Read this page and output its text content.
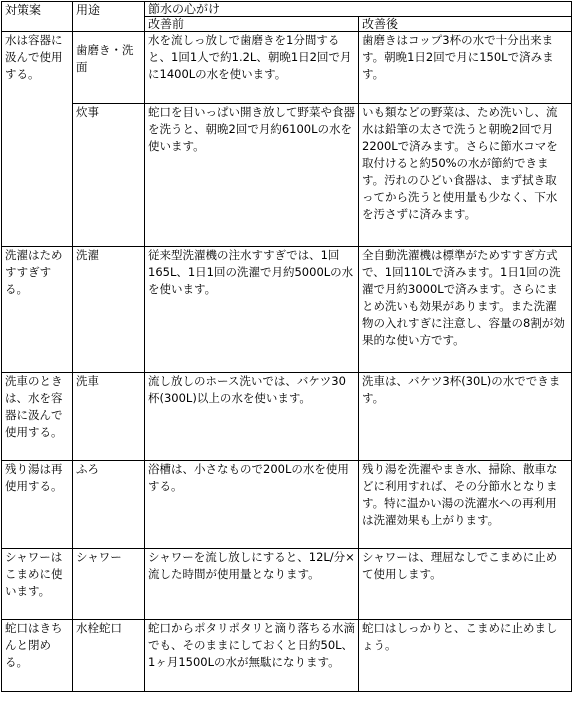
対策案	用途	節水の心がけ	
		改善前	改善後
水は容器に汲んで使用する。	歯磨き・洗面	水を流しっ放しで歯磨きを1分間すると、1回1人で約1.2L、朝晩1日2回で月に1400Lの水を使います。	歯磨きはコップ3杯の水で十分出来ます。朝晩1日2回で月に150Lで済みます。
	炊事	蛇口を目いっぱい開き放して野菜や食器を洗うと、朝晩2回で月約6100Lの水を使います。	いも類などの野菜は、ため洗いし、流水は鉛筆の太さで洗うと朝晩2回で月2200Lで済みます。さらに節水コマを取付けると約50%の水が節約できます。汚れのひどい食器は、まず拭き取ってから洗うと使用量も少なく、下水を汚さずに済みます。
洗濯はためすすぎする。	洗濯	従来型洗濯機の注水すすぎでは、1回165L、1日1回の洗濯で月約5000Lの水を使います。	全自動洗濯機は標準がためすすぎ方式で、1回110Lで済みます。1日1回の洗濯で月約3000Lで済みます。さらにまとめ洗いも効果があります。また洗濯物の入れすぎに注意し、容量の8割が効果的な使い方です。
洗車のときは、水を容器に汲んで使用する。	洗車	流し放しのホース洗いでは、バケツ30杯(300L)以上の水を使います。	洗車は、バケツ3杯(30L)の水でできます。
残り湯は再使用する。	ふろ	浴槽は、小さなもので200Lの水を使用する。	残り湯を洗濯やまき水、掃除、散車などに利用すれば、その分節水となります。特に温かい湯の洗濯水への再利用は洗濯効果も上がります。
シャワーはこまめに使います。	シャワー	シャワーを流し放しにすると、12L/分×流した時間が使用量となります。	シャワーは、理屈なしでこまめに止めて使用します。
蛇口はきちんと閉める。	水栓蛇口	蛇口からポタリポタリと滴り落ちる水滴でも、そのままにしておくと日約50L、1ヶ月1500Lの水が無駄になります。	蛇口はしっかりと、こまめに止めましょう。
